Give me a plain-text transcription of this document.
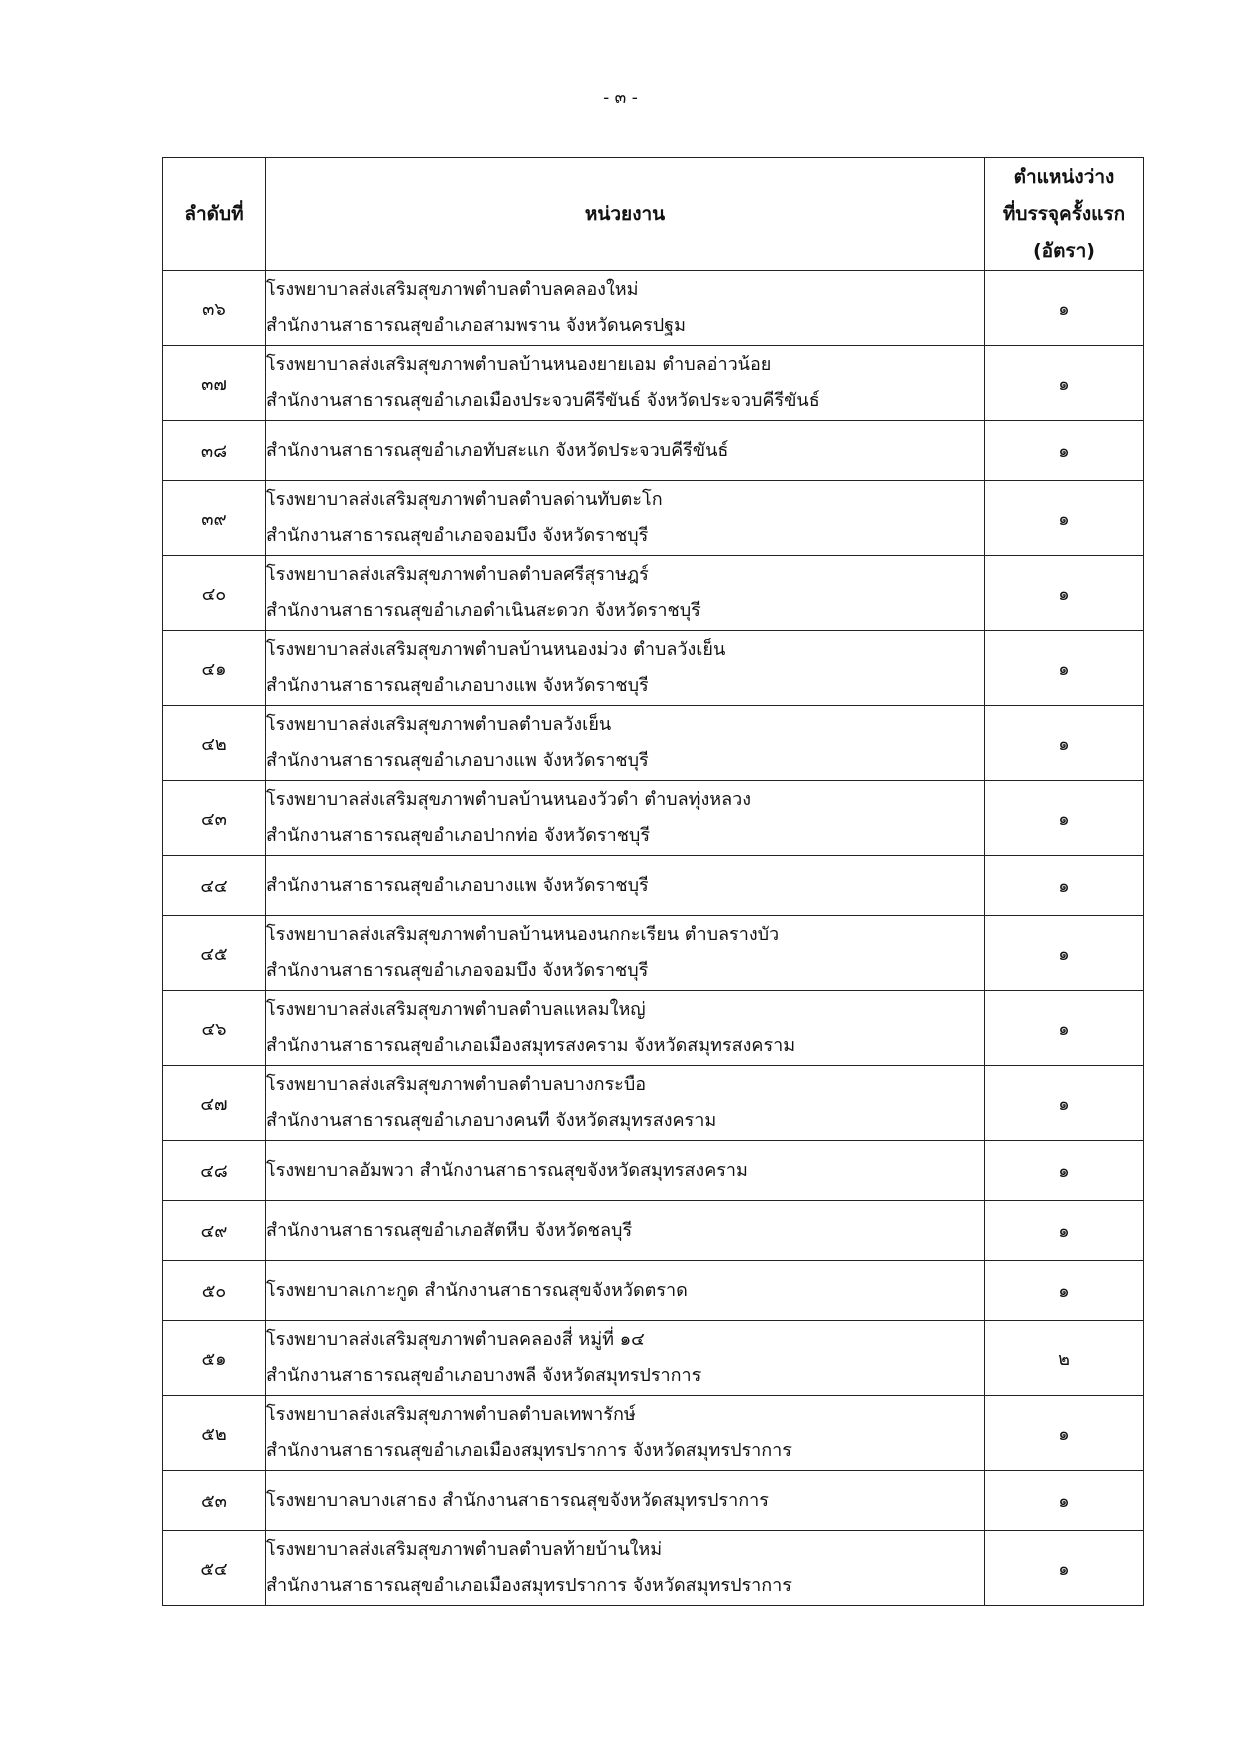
- ๓ -
ลำดับที่	หน่วยงาน	ตำแหน่งว่าง
ที่บรรจุครั้งแรก
(อัตรา)

๓๖	โรงพยาบาลส่งเสริมสุขภาพตำบลตำบลคลองใหม่
สำนักงานสาธารณสุขอำเภอสามพราน จังหวัดนครปฐม	๑
๓๗	โรงพยาบาลส่งเสริมสุขภาพตำบลบ้านหนองยายเอม ตำบลอ่าวน้อย
สำนักงานสาธารณสุขอำเภอเมืองประจวบคีรีขันธ์ จังหวัดประจวบคีรีขันธ์	๑
๓๘	สำนักงานสาธารณสุขอำเภอทับสะแก จังหวัดประจวบคีรีขันธ์	๑
๓๙	โรงพยาบาลส่งเสริมสุขภาพตำบลตำบลด่านทับตะโก
สำนักงานสาธารณสุขอำเภอจอมบึง จังหวัดราชบุรี	๑
๔๐	โรงพยาบาลส่งเสริมสุขภาพตำบลตำบลศรีสุราษฎร์
สำนักงานสาธารณสุขอำเภอดำเนินสะดวก จังหวัดราชบุรี	๑
๔๑	โรงพยาบาลส่งเสริมสุขภาพตำบลบ้านหนองม่วง ตำบลวังเย็น
สำนักงานสาธารณสุขอำเภอบางแพ จังหวัดราชบุรี	๑
๔๒	โรงพยาบาลส่งเสริมสุขภาพตำบลตำบลวังเย็น
สำนักงานสาธารณสุขอำเภอบางแพ จังหวัดราชบุรี	๑
๔๓	โรงพยาบาลส่งเสริมสุขภาพตำบลบ้านหนองวัวดำ ตำบลทุ่งหลวง
สำนักงานสาธารณสุขอำเภอปากท่อ จังหวัดราชบุรี	๑
๔๔	สำนักงานสาธารณสุขอำเภอบางแพ จังหวัดราชบุรี	๑
๔๕	โรงพยาบาลส่งเสริมสุขภาพตำบลบ้านหนองนกกะเรียน ตำบลรางบัว
สำนักงานสาธารณสุขอำเภอจอมบึง จังหวัดราชบุรี	๑
๔๖	โรงพยาบาลส่งเสริมสุขภาพตำบลตำบลแหลมใหญ่
สำนักงานสาธารณสุขอำเภอเมืองสมุทรสงคราม จังหวัดสมุทรสงคราม	๑
๔๗	โรงพยาบาลส่งเสริมสุขภาพตำบลตำบลบางกระบือ
สำนักงานสาธารณสุขอำเภอบางคนที จังหวัดสมุทรสงคราม	๑
๔๘	โรงพยาบาลอัมพวา สำนักงานสาธารณสุขจังหวัดสมุทรสงคราม	๑
๔๙	สำนักงานสาธารณสุขอำเภอสัตหีบ จังหวัดชลบุรี	๑
๕๐	โรงพยาบาลเกาะกูด สำนักงานสาธารณสุขจังหวัดตราด	๑
๕๑	โรงพยาบาลส่งเสริมสุขภาพตำบลคลองสี่ หมู่ที่ ๑๔
สำนักงานสาธารณสุขอำเภอบางพลี จังหวัดสมุทรปราการ	๒
๕๒	โรงพยาบาลส่งเสริมสุขภาพตำบลตำบลเทพารักษ์
สำนักงานสาธารณสุขอำเภอเมืองสมุทรปราการ จังหวัดสมุทรปราการ	๑
๕๓	โรงพยาบาลบางเสาธง สำนักงานสาธารณสุขจังหวัดสมุทรปราการ	๑
๕๔	โรงพยาบาลส่งเสริมสุขภาพตำบลตำบลท้ายบ้านใหม่
สำนักงานสาธารณสุขอำเภอเมืองสมุทรปราการ จังหวัดสมุทรปราการ	๑
